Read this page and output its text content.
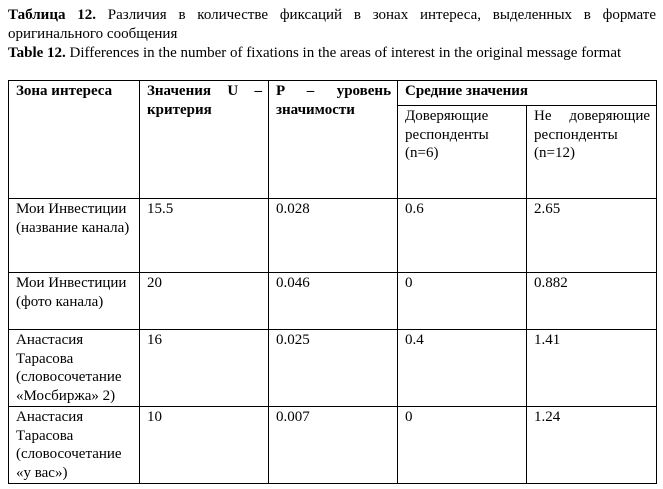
Таблица 12. Различия в количестве фиксаций в зонах интереса, выделенных в формате оригинального сообщения

Table 12. Differences in the number of fixations in the areas of interest in the original message format

Зона интереса	Значения U – критерия	P – уровень значимости	Средние значения	
			Доверяющие респонденты (n=6)	Не доверяющие респонденты (n=12)
Мои Инвестиции (название канала)	15.5	0.028	0.6	2.65
Мои Инвестиции (фото канала)	20	0.046	0	0.882
Анастасия Тарасова (словосочетание «Мосбиржа» 2)	16	0.025	0.4	1.41
Анастасия Тарасова (словосочетание «у вас»)	10	0.007	0	1.24
